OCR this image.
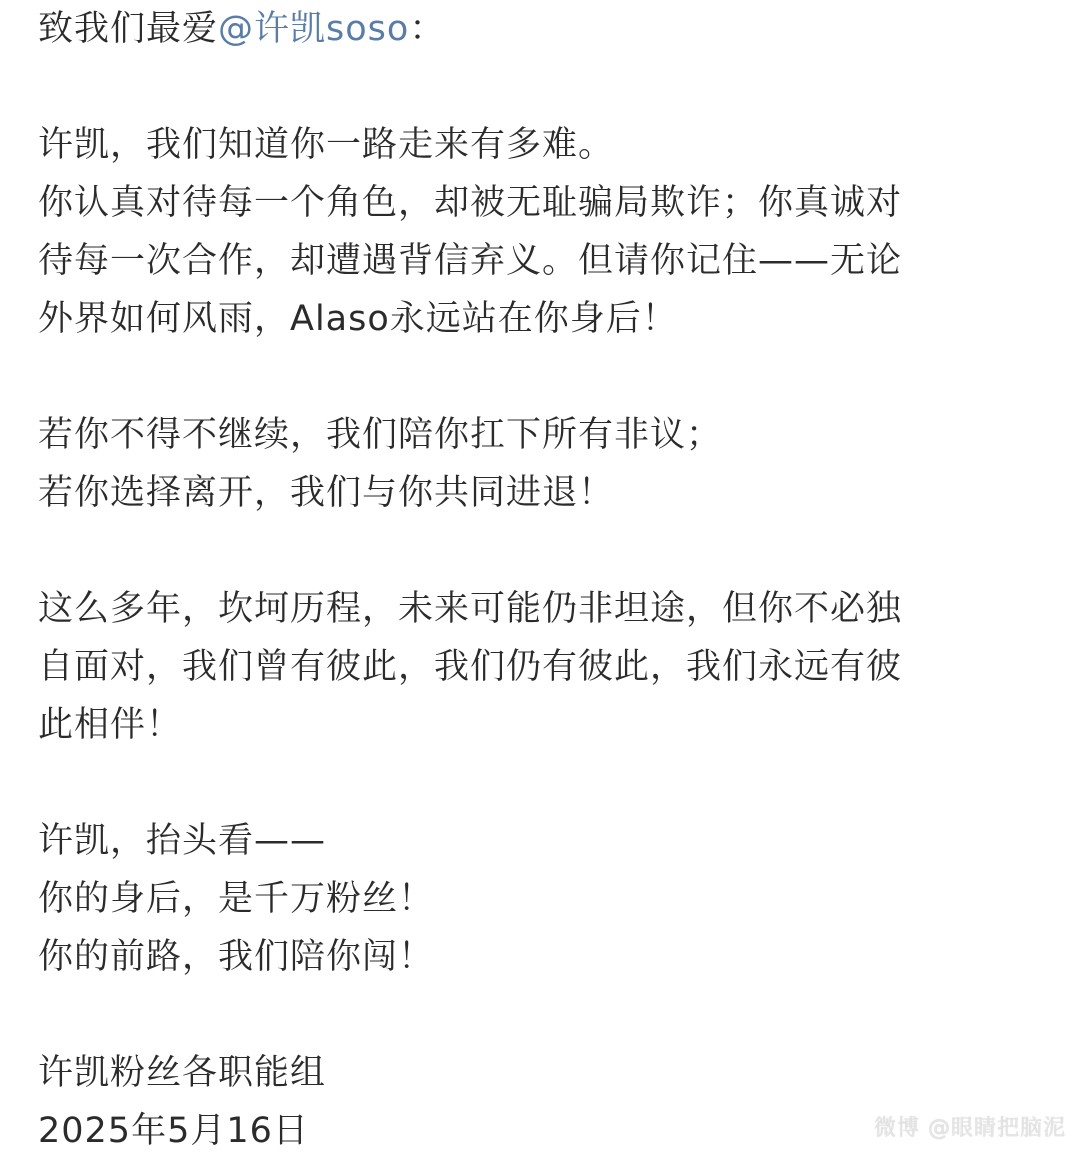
致我们最爱@许凯soso：
许凯，我们知道你一路走来有多难。
你认真对待每一个角色，却被无耻骗局欺诈；你真诚对
待每一次合作，却遭遇背信弃义。但请你记住——无论
外界如何风雨，Alaso永远站在你身后！
若你不得不继续，我们陪你扛下所有非议；
若你选择离开，我们与你共同进退！
这么多年，坎坷历程，未来可能仍非坦途，但你不必独
自面对，我们曾有彼此，我们仍有彼此，我们永远有彼
此相伴！
许凯，抬头看——
你的身后，是千万粉丝！
你的前路，我们陪你闯！
许凯粉丝各职能组
2025年5月16日	微博 @眼睛把脑泥
